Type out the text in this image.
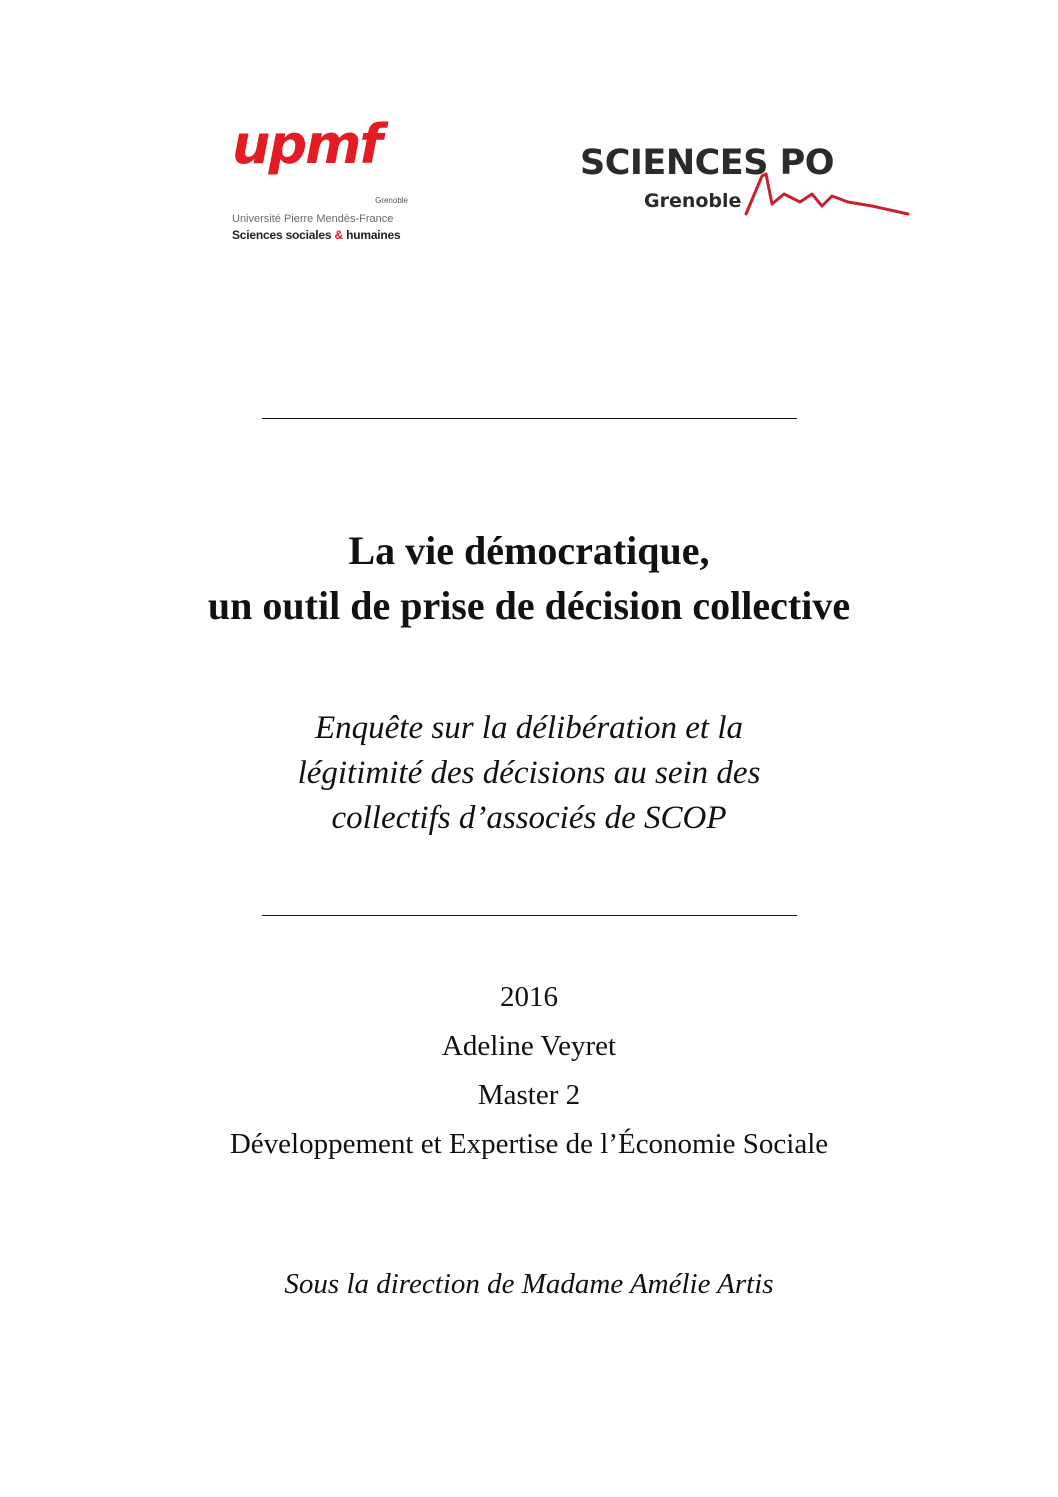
upmf
Grenoble
Université Pierre Mendès-France
Sciences sociales & humaines
SCIENCES PO
Grenoble
La vie démocratique,
un outil de prise de décision collective
Enquête sur la délibération et la
légitimité des décisions au sein des
collectifs d’associés de SCOP
2016
Adeline Veyret
Master 2
Développement et Expertise de l’Économie Sociale
Sous la direction de Madame Amélie Artis
